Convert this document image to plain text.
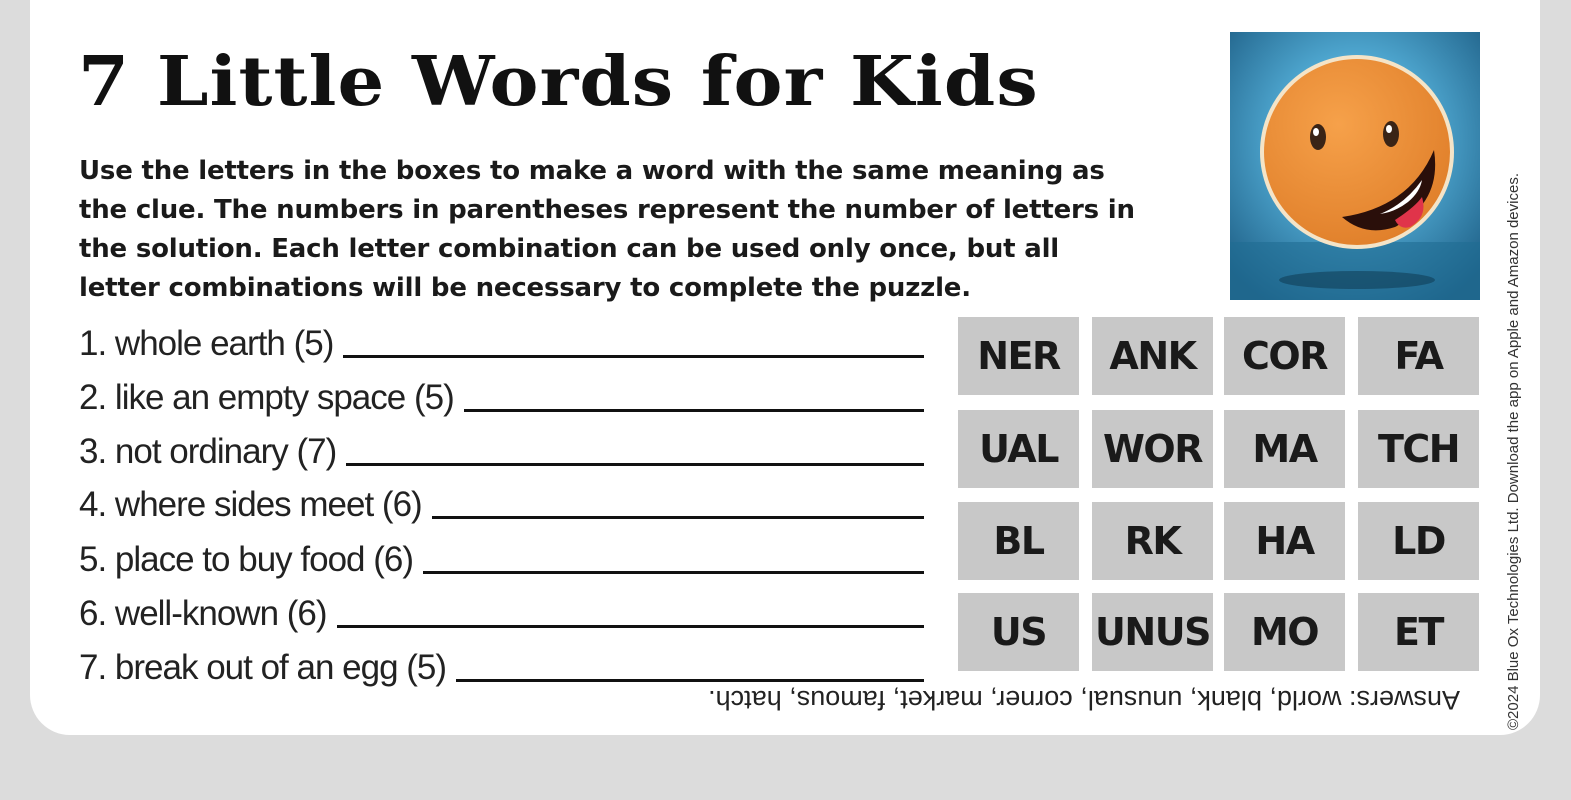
7 Little Words for Kids
Use the letters in the boxes to make a word with the same meaning as the clue. The numbers in parentheses represent the number of letters in the solution. Each letter combination can be used only once, but all letter combinations will be necessary to complete the puzzle.
1. whole earth (5)
2. like an empty space (5)
3. not ordinary (7)
4. where sides meet (6)
5. place to buy food (6)
6. well-known (6)
7. break out of an egg (5)
NER	ANK	COR	FA
UAL	WOR	MA	TCH
BL	RK	HA	LD
US	UNUS	MO	ET
Answers: world, blank, unusual, corner, market, famous, hatch.	©2024 Blue Ox Technologies Ltd. Download the app on Apple and Amazon devices.
